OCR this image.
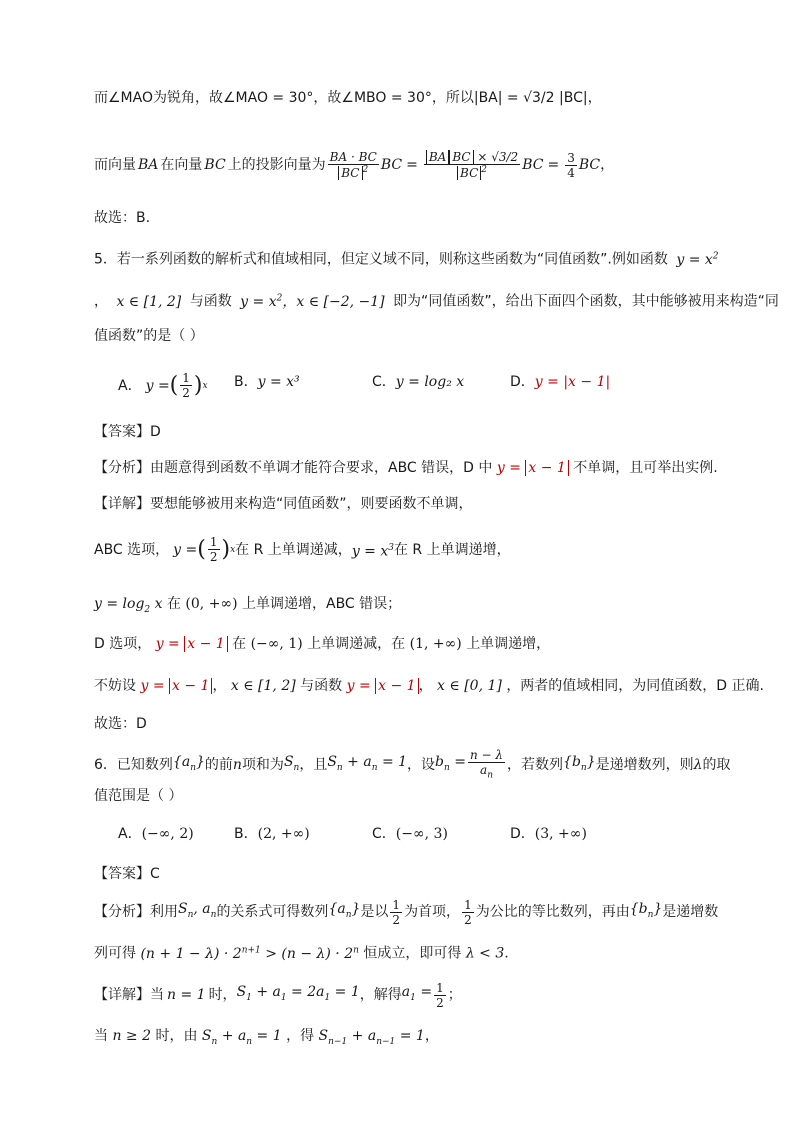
而∠MAO为锐角，故∠MAO = 30°，故∠MBO = 30°，所以|BA| = √3/2 |BC|，
而向量 BA 在向量 BC 上的投影向量为 $\frac{BA \cdot BC}{BC ^2}$ BC = $\frac{\text{BA BC × √3/2}}{BC ^2}$ BC = $\frac{3}{4}$ BC ，
故选：B.
5．若一系列函数的解析式和值域相同，但定义域不同，则称这些函数为“同值函数”.例如函数 $y = x^2$
， x ∈ [1, 2] 与函数 $y = x^2$，x ∈ [−2, −1] 即为“同值函数”，给出下面四个函数，其中能够被用来构造“同
值函数”的是（ ）
A． y = ( $\frac{1}{2}$ ) x B．y = x³	C．y = log₂ x	D．y = |x − 1|
【答案】D
【分析】由题意得到函数不单调才能符合要求，ABC 错误，D 中 y = x − 1 不单调，且可举出实例.
【详解】要想能够被用来构造“同值函数”，则要函数不单调，
ABC 选项， y = ( $\frac{1}{2}$ ) x 在 R 上单调递减， $y = x^3$ 在 R 上单调递增，
$y = \log_2 x$ 在 (0, +∞) 上单调递增，ABC 错误；
D 选项， y = x − 1 在 (−∞, 1) 上单调递减，在 (1, +∞) 上单调递增，
不妨设 y = x − 1 ， x ∈ [1, 2] 与函数 y = x − 1 ， x ∈ [0, 1] ，两者的值域相同，为同值函数，D 正确.
故选：D
6．已知数列 $\{a_n\}$ 的前 n 项和为 $S_n$ ，且 $S_n + a_n = 1$ ，设 $b_n = \frac{n - \lambda}{a_n}$ ，若数列 $\{b_n\}$ 是递增数列，则 λ 的取
值范围是（ ）
A．(−∞, 2)	B．(2, +∞)	C．(−∞, 3)	D．(3, +∞)
【答案】C
【分析】利用 $S_n$, $a_n$ 的关系式可得数列 $\{a_n\}$ 是以 $\frac{1}{2}$ 为首项， $\frac{1}{2}$ 为公比的等比数列，再由 $\{b_n\}$ 是递增数
列可得 $(n + 1 - \lambda) \cdot 2^{n+1} > (n - \lambda) \cdot 2^n$ 恒成立，即可得 λ < 3.
【详解】当 n = 1 时， $S_1 + a_1 = 2a_1 = 1$ ，解得 $a_1 = \frac{1}{2}$ ；
当 n ≥ 2 时，由 $S_n + a_n = 1$ ，得 $S_{n-1} + a_{n-1} = 1$，
